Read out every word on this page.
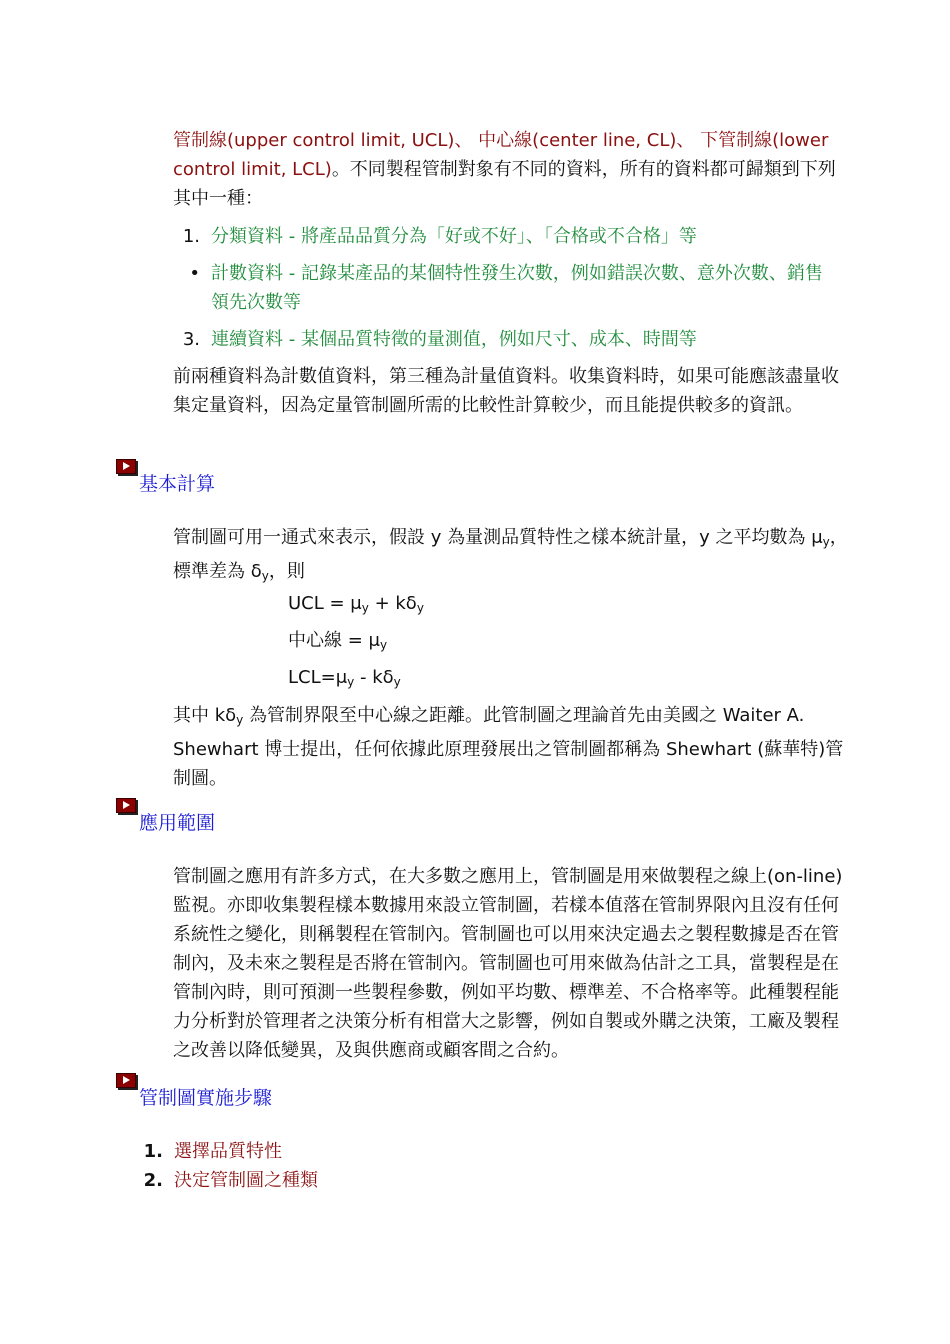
管制線(upper control limit, UCL)、 中心線(center line, CL)、 下管制線(lower control limit, LCL)。不同製程管制對象有不同的資料，所有的資料都可歸類到下列其中一種：

1. 分類資料 - 將產品品質分為「好或不好」、「合格或不合格」等
• 計數資料 - 記錄某產品的某個特性發生次數，例如錯誤次數、意外次數、銷售領先次數等
3. 連續資料 - 某個品質特徵的量測值，例如尺寸、成本、時間等

前兩種資料為計數值資料，第三種為計量值資料。收集資料時，如果可能應該盡量收集定量資料，因為定量管制圖所需的比較性計算較少，而且能提供較多的資訊。

基本計算

管制圖可用一通式來表示，假設 y 為量測品質特性之樣本統計量，y 之平均數為 $\mu_y$，標準差為 $\delta_y$，則

UCL = $\mu_y + k\delta_y$
中心線 = $\mu_y$
$LCL=\mu_y - k\delta_y$

其中 $k\delta_y$ 為管制界限至中心線之距離。此管制圖之理論首先由美國之 Waiter A. Shewhart 博士提出，任何依據此原理發展出之管制圖都稱為 Shewhart (蘇華特)管制圖。

應用範圍

管制圖之應用有許多方式，在大多數之應用上，管制圖是用來做製程之線上(on-line)監視。亦即收集製程樣本數據用來設立管制圖，若樣本值落在管制界限內且沒有任何系統性之變化，則稱製程在管制內。管制圖也可以用來決定過去之製程數據是否在管制內，及未來之製程是否將在管制內。管制圖也可用來做為估計之工具，當製程是在管制內時，則可預測一些製程參數，例如平均數、標準差、不合格率等。此種製程能力分析對於管理者之決策分析有相當大之影響，例如自製或外購之決策，工廠及製程之改善以降低變異，及與供應商或顧客間之合約。

管制圖實施步驟
1. 選擇品質特性
2. 決定管制圖之種類
